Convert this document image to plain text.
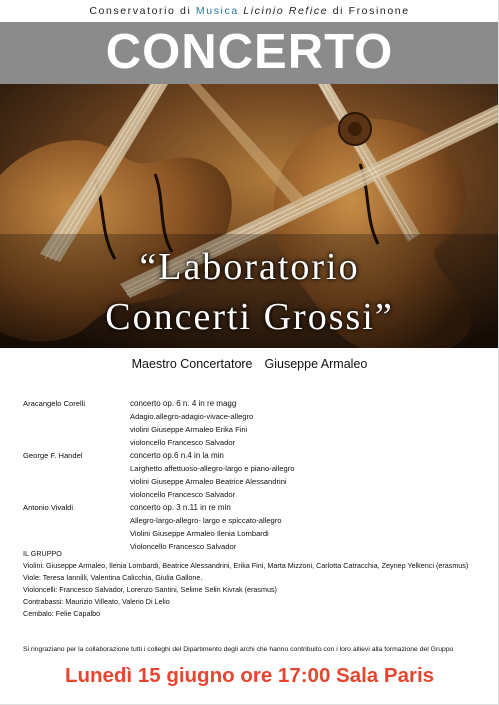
Conservatorio di Musica Licinio Refice di Frosinone
CONCERTO
“Laboratorio
Concerti Grossi”
Maestro Concertatore Giuseppe Armaleo
Aracangelo Corelli	concerto op. 6 n. 4 in re magg
Adagio.allegro-adagio-vivace-allegro
violini Giuseppe Armaleo Erika Fini
violoncello Francesco Salvador
George F. Handel	concerto op.6 n.4 in la min
Larghetto affettuoso-allegro-largo e piano-allegro
violini Giuseppe Armaleo Beatrice Alessandrini
violoncello Francesco Salvador
Antonio Vivaldi	concerto op. 3 n.11 in re min
Allegro-largo-allegro- largo e spiccato-allegro
Violini Giuseppe Armaleo Ilenia Lombardi
Violoncello Francesco Salvador
IL GRUPPO
Violini: Giuseppe Armaleo, Ilenia Lombardi, Beatrice Alessandrini, Erika Fini, Marta Mizzoni, Carlotta Catracchia, Zeynep Yelkenci (erasmus)
Viole: Teresa Iannilli, Valentina Calicchia, Giulia Gallone.
Violoncelli: Francesco Salvador, Lorenzo Santini, Selime Selin Kivrak (erasmus)
Contrabassi: Maurizio Villeato, Valerio Di Lelio
Cembalo: Felie Capalbo
Si ringraziano per la collaborazione tutti i colleghi del Dipartimento degli archi che hanno contribuito con i loro allievi alla formazione del Gruppo
Lunedì 15 giugno ore 17:00 Sala Paris
